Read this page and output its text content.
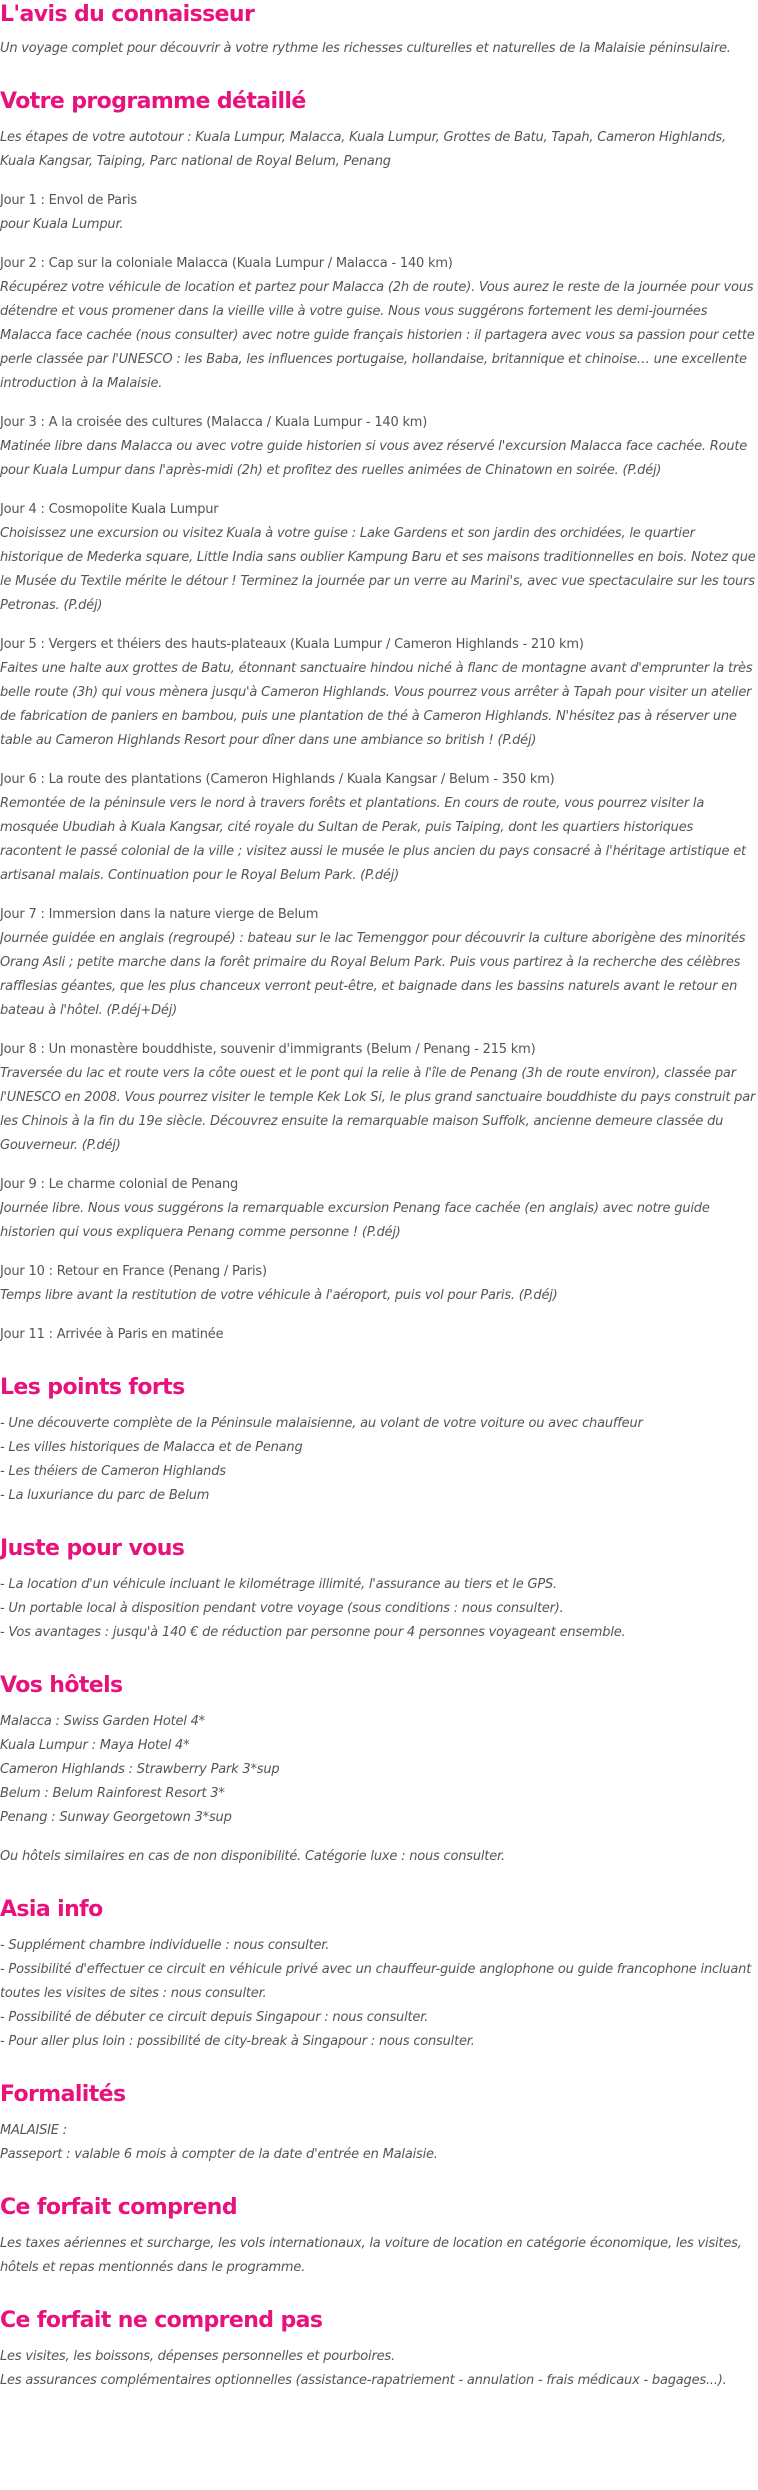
L'avis du connaisseur

Un voyage complet pour découvrir à votre rythme les richesses culturelles et naturelles de la Malaisie péninsulaire.

Votre programme détaillé

Les étapes de votre autotour : Kuala Lumpur, Malacca, Kuala Lumpur, Grottes de Batu, Tapah, Cameron Highlands, Kuala Kangsar, Taiping, Parc national de Royal Belum, Penang

Jour 1 : Envol de Paris

pour Kuala Lumpur.

Jour 2 : Cap sur la coloniale Malacca (Kuala Lumpur / Malacca - 140 km)

Récupérez votre véhicule de location et partez pour Malacca (2h de route). Vous aurez le reste de la journée pour vous détendre et vous promener dans la vieille ville à votre guise. Nous vous suggérons fortement les demi-journées Malacca face cachée (nous consulter) avec notre guide français historien : il partagera avec vous sa passion pour cette perle classée par l'UNESCO : les Baba, les influences portugaise, hollandaise, britannique et chinoise… une excellente introduction à la Malaisie.

Jour 3 : A la croisée des cultures (Malacca / Kuala Lumpur - 140 km)

Matinée libre dans Malacca ou avec votre guide historien si vous avez réservé l'excursion Malacca face cachée. Route pour Kuala Lumpur dans l'après-midi (2h) et profitez des ruelles animées de Chinatown en soirée. (P.déj)

Jour 4 : Cosmopolite Kuala Lumpur

Choisissez une excursion ou visitez Kuala à votre guise : Lake Gardens et son jardin des orchidées, le quartier historique de Mederka square, Little India sans oublier Kampung Baru et ses maisons traditionnelles en bois. Notez que le Musée du Textile mérite le détour ! Terminez la journée par un verre au Marini's, avec vue spectaculaire sur les tours Petronas. (P.déj)

Jour 5 : Vergers et théiers des hauts-plateaux (Kuala Lumpur / Cameron Highlands - 210 km)

Faites une halte aux grottes de Batu, étonnant sanctuaire hindou niché à flanc de montagne avant d'emprunter la très belle route (3h) qui vous mènera jusqu'à Cameron Highlands. Vous pourrez vous arrêter à Tapah pour visiter un atelier de fabrication de paniers en bambou, puis une plantation de thé à Cameron Highlands. N'hésitez pas à réserver une table au Cameron Highlands Resort pour dîner dans une ambiance so british ! (P.déj)

Jour 6 : La route des plantations (Cameron Highlands / Kuala Kangsar / Belum - 350 km)

Remontée de la péninsule vers le nord à travers forêts et plantations. En cours de route, vous pourrez visiter la mosquée Ubudiah à Kuala Kangsar, cité royale du Sultan de Perak, puis Taiping, dont les quartiers historiques racontent le passé colonial de la ville ; visitez aussi le musée le plus ancien du pays consacré à l'héritage artistique et artisanal malais. Continuation pour le Royal Belum Park. (P.déj)

Jour 7 : Immersion dans la nature vierge de Belum

Journée guidée en anglais (regroupé) : bateau sur le lac Temenggor pour découvrir la culture aborigène des minorités Orang Asli ; petite marche dans la forêt primaire du Royal Belum Park. Puis vous partirez à la recherche des célèbres rafflesias géantes, que les plus chanceux verront peut-être, et baignade dans les bassins naturels avant le retour en bateau à l'hôtel. (P.déj+Déj)

Jour 8 : Un monastère bouddhiste, souvenir d'immigrants (Belum / Penang - 215 km)

Traversée du lac et route vers la côte ouest et le pont qui la relie à l'île de Penang (3h de route environ), classée par l'UNESCO en 2008. Vous pourrez visiter le temple Kek Lok Si, le plus grand sanctuaire bouddhiste du pays construit par les Chinois à la fin du 19e siècle. Découvrez ensuite la remarquable maison Suffolk, ancienne demeure classée du Gouverneur. (P.déj)

Jour 9 : Le charme colonial de Penang

Journée libre. Nous vous suggérons la remarquable excursion Penang face cachée (en anglais) avec notre guide historien qui vous expliquera Penang comme personne ! (P.déj)

Jour 10 : Retour en France (Penang / Paris)

Temps libre avant la restitution de votre véhicule à l'aéroport, puis vol pour Paris. (P.déj)

Jour 11 : Arrivée à Paris en matinée

Les points forts

- Une découverte complète de la Péninsule malaisienne, au volant de votre voiture ou avec chauffeur

- Les villes historiques de Malacca et de Penang

- Les théiers de Cameron Highlands

- La luxuriance du parc de Belum

Juste pour vous

- La location d'un véhicule incluant le kilométrage illimité, l'assurance au tiers et le GPS.

- Un portable local à disposition pendant votre voyage (sous conditions : nous consulter).

- Vos avantages : jusqu'à 140 € de réduction par personne pour 4 personnes voyageant ensemble.

Vos hôtels

Malacca : Swiss Garden Hotel 4*

Kuala Lumpur : Maya Hotel 4*

Cameron Highlands : Strawberry Park 3*sup

Belum : Belum Rainforest Resort 3*

Penang : Sunway Georgetown 3*sup

Ou hôtels similaires en cas de non disponibilité. Catégorie luxe : nous consulter.

Asia info

- Supplément chambre individuelle : nous consulter.

- Possibilité d'effectuer ce circuit en véhicule privé avec un chauffeur-guide anglophone ou guide francophone incluant toutes les visites de sites : nous consulter.

- Possibilité de débuter ce circuit depuis Singapour : nous consulter.

- Pour aller plus loin : possibilité de city-break à Singapour : nous consulter.

Formalités

MALAISIE :

Passeport : valable 6 mois à compter de la date d'entrée en Malaisie.

Ce forfait comprend

Les taxes aériennes et surcharge, les vols internationaux, la voiture de location en catégorie économique, les visites, hôtels et repas mentionnés dans le programme.

Ce forfait ne comprend pas

Les visites, les boissons, dépenses personnelles et pourboires.

Les assurances complémentaires optionnelles (assistance-rapatriement - annulation - frais médicaux - bagages...).
